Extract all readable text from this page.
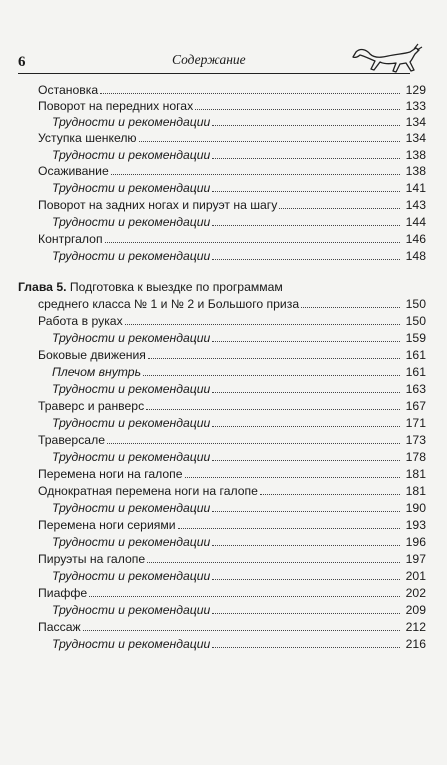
6	Содержание
Остановка	129
Поворот на передних ногах	133
Трудности и рекомендации	134
Уступка шенкелю	134
Трудности и рекомендации	138
Осаживание	138
Трудности и рекомендации	141
Поворот на задних ногах и пируэт на шагу	143
Трудности и рекомендации	144
Контргалоп	146
Трудности и рекомендации	148
Глава 5. Подготовка к выездке по программам
среднего класса № 1 и № 2 и Большого приза	150
Работа в руках	150
Трудности и рекомендации	159
Боковые движения	161
Плечом внутрь	161
Трудности и рекомендации	163
Траверс и ранверс	167
Трудности и рекомендации	171
Траверсале	173
Трудности и рекомендации	178
Перемена ноги на галопе	181
Однократная перемена ноги на галопе	181
Трудности и рекомендации	190
Перемена ноги сериями	193
Трудности и рекомендации	196
Пируэты на галопе	197
Трудности и рекомендации	201
Пиаффе	202
Трудности и рекомендации	209
Пассаж	212
Трудности и рекомендации	216
